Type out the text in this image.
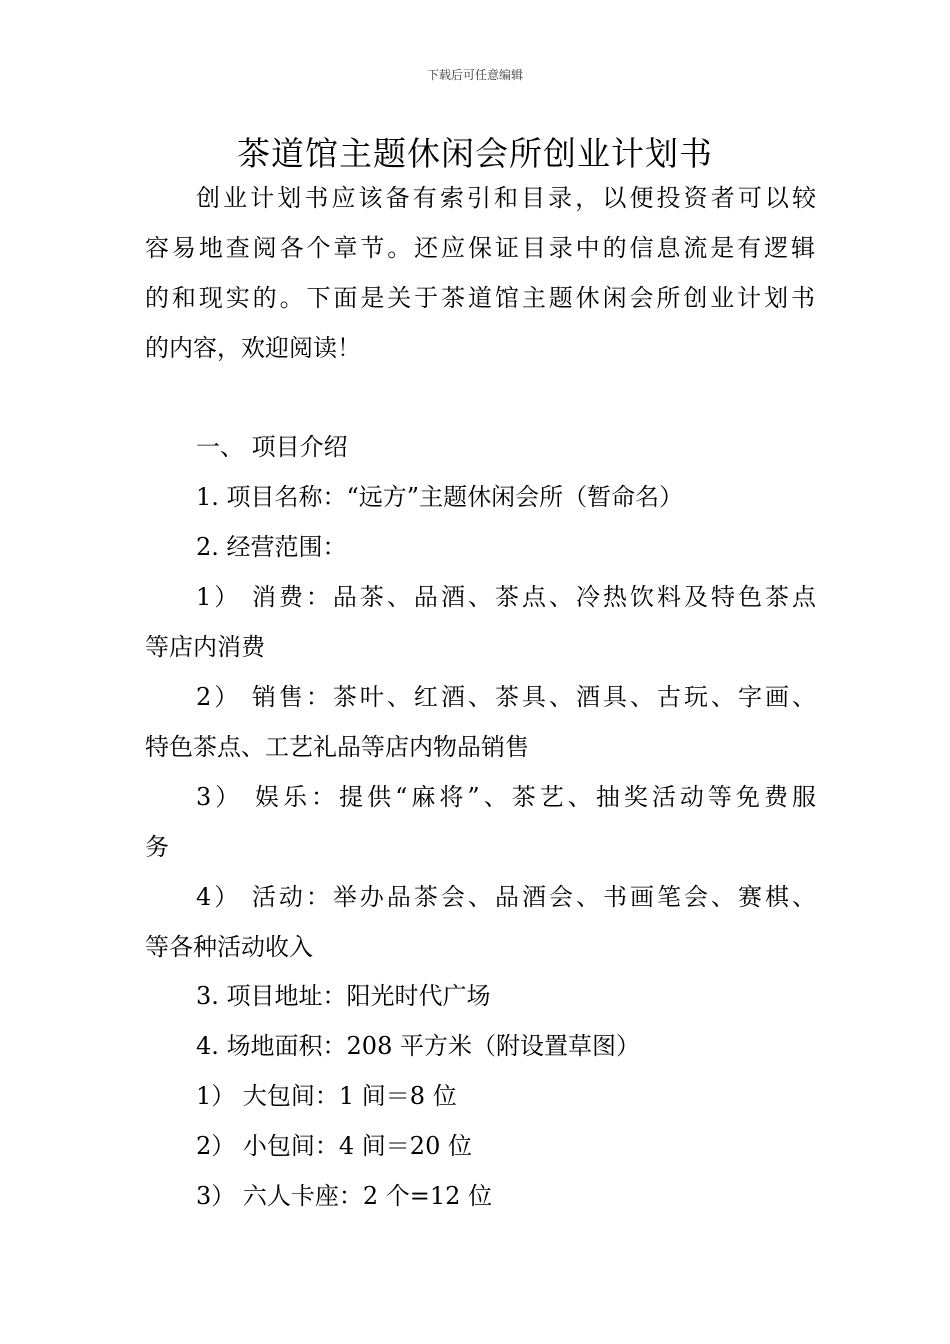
下载后可任意编辑
茶道馆主题休闲会所创业计划书
创业计划书应该备有索引和目录，以便投资者可以较
容易地查阅各个章节。还应保证目录中的信息流是有逻辑
的和现实的。下面是关于茶道馆主题休闲会所创业计划书
的内容，欢迎阅读！
一、 项目介绍
1. 项目名称：“远方”主题休闲会所（暂命名）
2. 经营范围：
1） 消费：品茶、品酒、茶点、冷热饮料及特色茶点
等店内消费
2） 销售：茶叶、红酒、茶具、酒具、古玩、字画、
特色茶点、工艺礼品等店内物品销售
3） 娱乐：提供“麻将”、茶艺、抽奖活动等免费服
务
4） 活动：举办品茶会、品酒会、书画笔会、赛棋、
等各种活动收入
3. 项目地址：阳光时代广场
4. 场地面积：208 平方米（附设置草图）
1） 大包间：1 间＝8 位
2） 小包间：4 间＝20 位
3） 六人卡座：2 个=12 位
